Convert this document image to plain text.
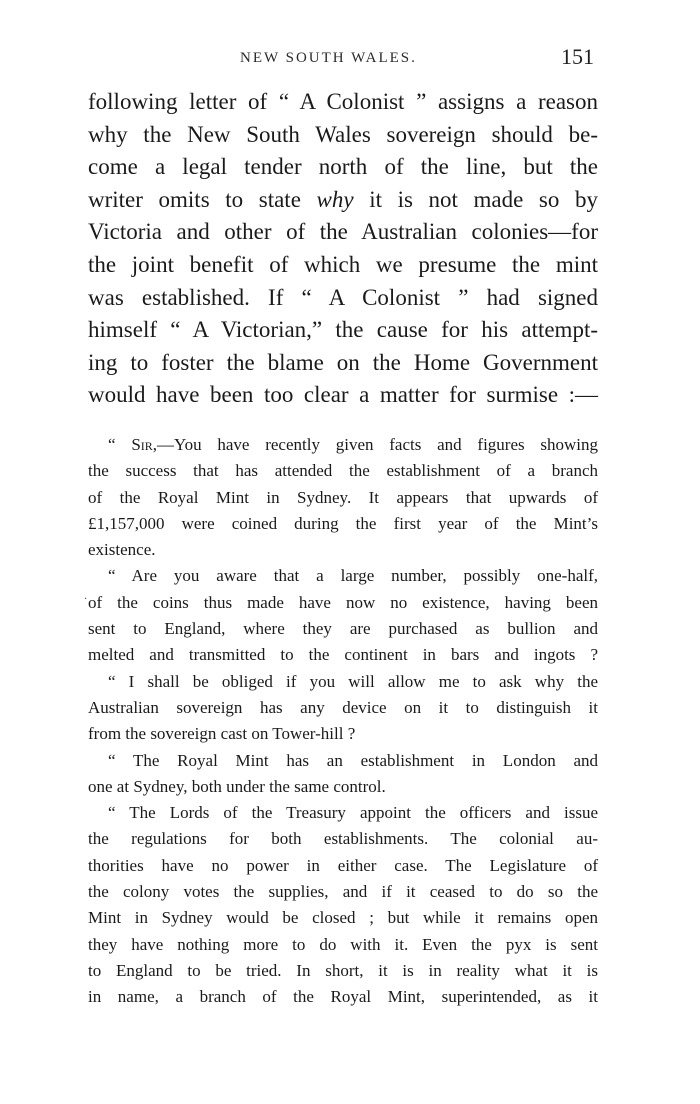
NEW SOUTH WALES.	151
following letter of “ A Colonist ” assigns a reason
why the New South Wales sovereign should be-
come a legal tender north of the line, but the
writer omits to state why it is not made so by
Victoria and other of the Australian colonies—for
the joint benefit of which we presume the mint
was established. If “ A Colonist ” had signed
himself “ A Victorian,” the cause for his attempt-
ing to foster the blame on the Home Government
would have been too clear a matter for surmise :—
“ Sir,—You have recently given facts and figures showing
the success that has attended the establishment of a branch
of the Royal Mint in Sydney. It appears that upwards of
£1,157,000 were coined during the first year of the Mint’s
existence.
“ Are you aware that a large number, possibly one-half,
of the coins thus made have now no existence, having been
sent to England, where they are purchased as bullion and
melted and transmitted to the continent in bars and ingots ?
“ I shall be obliged if you will allow me to ask why the
Australian sovereign has any device on it to distinguish it
from the sovereign cast on Tower-hill ?
“ The Royal Mint has an establishment in London and
one at Sydney, both under the same control.
“ The Lords of the Treasury appoint the officers and issue
the regulations for both establishments. The colonial au-
thorities have no power in either case. The Legislature of
the colony votes the supplies, and if it ceased to do so the
Mint in Sydney would be closed ; but while it remains open
they have nothing more to do with it. Even the pyx is sent
to England to be tried. In short, it is in reality what it is
in name, a branch of the Royal Mint, superintended, as it
.
